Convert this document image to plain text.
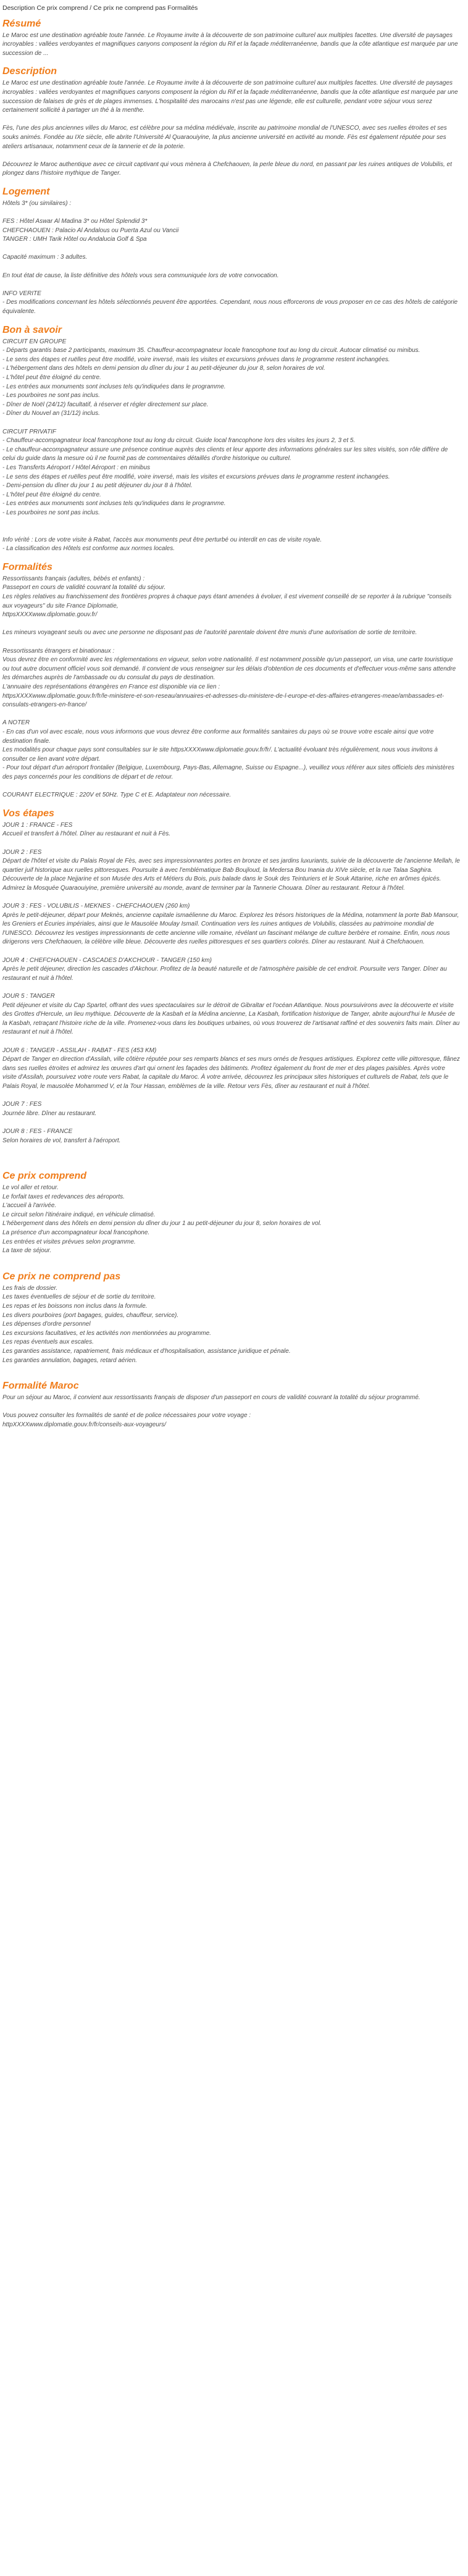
Description Ce prix comprend / Ce prix ne comprend pas Formalités

Résumé

Le Maroc est une destination agréable toute l'année. Le Royaume invite à la découverte de son patrimoine culturel aux multiples facettes. Une diversité de paysages incroyables : vallées verdoyantes et magnifiques canyons composent la région du Rif et la façade méditerranéenne, bandis que la côte atlantique est marquée par une succession de ...

Description

Le Maroc est une destination agréable toute l'année. Le Royaume invite à la découverte de son patrimoine culturel aux multiples facettes. Une diversité de paysages incroyables : vallées verdoyantes et magnifiques canyons composent la région du Rif et la façade méditerranéenne, bandis que la côte atlantique est marquée par une succession de falaises de grès et de plages immenses. L'hospitalité des marocains n'est pas une légende, elle est culturelle, pendant votre séjour vous serez certainement sollicité à partager un thé à la menthe.

Fès, l'une des plus anciennes villes du Maroc, est célèbre pour sa médina médiévale, inscrite au patrimoine mondial de l'UNESCO, avec ses ruelles étroites et ses souks animés. Fondée au IXe siècle, elle abrite l'Université Al Quaraouiyine, la plus ancienne université en activité au monde. Fès est également réputée pour ses ateliers artisanaux, notamment ceux de la tannerie et de la poterie.

Découvrez le Maroc authentique avec ce circuit captivant qui vous mènera à Chefchaouen, la perle bleue du nord, en passant par les ruines antiques de Volubilis, et plongez dans l'histoire mythique de Tanger.

Logement

Hôtels 3* (ou similaires) :

FES : Hôtel Aswar Al Madina 3* ou Hôtel Splendid 3*

CHEFCHAOUEN : Palacio Al Andalous ou Puerta Azul ou Vancii

TANGER : UMH Tarik Hôtel ou Andalucia Golf & Spa

Capacité maximum : 3 adultes.

En tout état de cause, la liste définitive des hôtels vous sera communiquée lors de votre convocation.

INFO VERITE

- Des modifications concernant les hôtels sélectionnés peuvent être apportées. Cependant, nous nous efforcerons de vous proposer en ce cas des hôtels de catégorie équivalente.

Bon à savoir

CIRCUIT EN GROUPE

- Départs garantis base 2 participants, maximum 35. Chauffeur-accompagnateur locale francophone tout au long du circuit. Autocar climatisé ou minibus.

- Le sens des étapes et ruëlles peut être modifié, voire inversé, mais les visites et excursions prévues dans le programme restent inchangées.

- L'hébergement dans des hôtels en demi pension du dîner du jour 1 au petit-déjeuner du jour 8, selon horaires de vol.

- L'hôtel peut être éloigné du centre.

- Les entrées aux monuments sont incluses tels qu'indiquées dans le programme.

- Les pourboires ne sont pas inclus.

- Dîner de Noël (24/12) facultatif, à réserver et régler directement sur place.

- Dîner du Nouvel an (31/12) inclus.

CIRCUIT PRIVATIF

- Chauffeur-accompagnateur local francophone tout au long du circuit. Guide local francophone lors des visites les jours 2, 3 et 5.

- Le chauffeur-accompagnateur assure une présence continue auprès des clients et leur apporte des informations générales sur les sites visités, son rôle diffère de celui du guide dans la mesure où il ne fournit pas de commentaires détaillés d'ordre historique ou culturel.

- Les Transferts Aéroport / Hôtel Aéroport : en minibus

- Le sens des étapes et ruëlles peut être modifié, voire inversé, mais les visites et excursions prévues dans le programme restent inchangées.

- Demi-pension du dîner du jour 1 au petit déjeuner du jour 8 à l'hôtel.

- L'hôtel peut être éloigné du centre.

- Les entrées aux monuments sont incluses tels qu'indiquées dans le programme.

- Les pourboires ne sont pas inclus.

Info vérité : Lors de votre visite à Rabat, l'accès aux monuments peut être perturbé ou interdit en cas de visite royale.

- La classification des Hôtels est conforme aux normes locales.

Formalités

Ressortissants français (adultes, bébés et enfants) :

Passeport en cours de validité couvrant la totalité du séjour.

Les règles relatives au franchissement des frontières propres à chaque pays étant amenées à évoluer, il est vivement conseillé de se reporter à la rubrique "conseils aux voyageurs" du site France Diplomatie,

httpsXXXXwww.diplomatie.gouv.fr/

Les mineurs voyageant seuls ou avec une personne ne disposant pas de l'autorité parentale doivent être munis d'une autorisation de sortie de territoire.

Ressortissants étrangers et binationaux :

Vous devrez être en conformité avec les réglementations en vigueur, selon votre nationalité. Il est notamment possible qu'un passeport, un visa, une carte touristique ou tout autre document officiel vous soit demandé. Il convient de vous renseigner sur les délais d'obtention de ces documents et d'effectuer vous-même sans attendre les démarches auprès de l'ambassade ou du consulat du pays de destination.

L'annuaire des représentations étrangères en France est disponible via ce lien :

httpsXXXXwww.diplomatie.gouv.fr/fr/le-ministere-et-son-reseau/annuaires-et-adresses-du-ministere-de-l-europe-et-des-affaires-etrangeres-meae/ambassades-et-consulats-etrangers-en-france/

A NOTER

- En cas d'un vol avec escale, nous vous informons que vous devrez être conforme aux formalités sanitaires du pays où se trouve votre escale ainsi que votre destination finale.

Les modalités pour chaque pays sont consultables sur le site httpsXXXXwww.diplomatie.gouv.fr/fr/. L'actualité évoluant très régulièrement, nous vous invitons à consulter ce lien avant votre départ.

- Pour tout départ d'un aéroport frontalier (Belgique, Luxembourg, Pays-Bas, Allemagne, Suisse ou Espagne...), veuillez vous référer aux sites officiels des ministères des pays concernés pour les conditions de départ et de retour.

COURANT ELECTRIQUE : 220V et 50Hz. Type C et E. Adaptateur non nécessaire.

Vos étapes

JOUR 1 : FRANCE - FES

Accueil et transfert à l'hôtel. Dîner au restaurant et nuit à Fès.

JOUR 2 : FES

Départ de l'hôtel et visite du Palais Royal de Fès, avec ses impressionnantes portes en bronze et ses jardins luxuriants, suivie de la découverte de l'ancienne Mellah, le quartier juif historique aux ruelles pittoresques. Poursuite à avec l'emblématique Bab Boujloud, la Medersa Bou Inania du XIVe siècle, et la rue Talaa Saghira. Découverte de la place Nejjarine et son Musée des Arts et Métiers du Bois, puis balade dans le Souk des Teinturiers et le Souk Attarine, riche en arômes épicés. Admirez la Mosquée Quaraouiyine, première université au monde, avant de terminer par la Tannerie Chouara. Dîner au restaurant. Retour à l'hôtel.

JOUR 3 : FES - VOLUBILIS - MEKNES - CHEFCHAOUEN (260 km)

Après le petit-déjeuner, départ pour Meknès, ancienne capitale ismaélienne du Maroc. Explorez les trésors historiques de la Médina, notamment la porte Bab Mansour, les Greniers et Écuries impériales, ainsi que le Mausolée Moulay Ismaïl. Continuation vers les ruines antiques de Volubilis, classées au patrimoine mondial de l'UNESCO. Découvrez les vestiges impressionnants de cette ancienne ville romaine, révélant un fascinant mélange de culture berbère et romaine. Enfin, nous nous dirigerons vers Chefchaouen, la célèbre ville bleue. Découverte des ruelles pittoresques et ses quartiers colorés. Dîner au restaurant. Nuit à Chefchaouen.

JOUR 4 : CHEFCHAOUEN - CASCADES D'AKCHOUR - TANGER (150 km)

Après le petit déjeuner, direction les cascades d'Akchour. Profitez de la beauté naturelle et de l'atmosphère paisible de cet endroit. Poursuite vers Tanger. Dîner au restaurant et nuit à l'hôtel.

JOUR 5 : TANGER

Petit déjeuner et visite du Cap Spartel, offrant des vues spectaculaires sur le détroit de Gibraltar et l'océan Atlantique. Nous poursuivirons avec la découverte et visite des Grottes d'Hercule, un lieu mythique. Découverte de la Kasbah et la Médina ancienne, La Kasbah, fortification historique de Tanger, abrite aujourd'hui le Musée de la Kasbah, retraçant l'histoire riche de la ville. Promenez-vous dans les boutiques urbaines, où vous trouverez de l'artisanat raffiné et des souvenirs faits main. Dîner au restaurant et nuit à l'hôtel.

JOUR 6 : TANGER - ASSILAH - RABAT - FES (453 KM)

Départ de Tanger en direction d'Assilah, ville côtière réputée pour ses remparts blancs et ses murs ornés de fresques artistiques. Explorez cette ville pittoresque, flânez dans ses ruelles étroites et admirez les œuvres d'art qui ornent les façades des bâtiments. Profitez également du front de mer et des plages paisibles. Après votre visite d'Assilah, poursuivez votre route vers Rabat, la capitale du Maroc. À votre arrivée, découvrez les principaux sites historiques et culturels de Rabat, tels que le Palais Royal, le mausolée Mohammed V, et la Tour Hassan, emblèmes de la ville. Retour vers Fès, dîner au restaurant et nuit à l'hôtel.

JOUR 7 : FES

Journée libre. Dîner au restaurant.

JOUR 8 : FES - FRANCE

Selon horaires de vol, transfert à l'aéroport.

Ce prix comprend

Le vol aller et retour.

Le forfait taxes et redevances des aéroports.

L'accueil à l'arrivée.

Le circuit selon l'itinéraire indiqué, en véhicule climatisé.

L'hébergement dans des hôtels en demi pension du dîner du jour 1 au petit-déjeuner du jour 8, selon horaires de vol.

La présence d'un accompagnateur local francophone.

Les entrées et visites prévues selon programme.

La taxe de séjour.

Ce prix ne comprend pas

Les frais de dossier.

Les taxes éventuelles de séjour et de sortie du territoire.

Les repas et les boissons non inclus dans la formule.

Les divers pourboires (port bagages, guides, chauffeur, service).

Les dépenses d'ordre personnel

Les excursions facultatives, et les activités non mentionnées au programme.

Les repas éventuels aux escales.

Les garanties assistance, rapatriement, frais médicaux et d'hospitalisation, assistance juridique et pénale.

Les garanties annulation, bagages, retard aérien.

Formalité Maroc

Pour un séjour au Maroc, il convient aux ressortissants français de disposer d'un passeport en cours de validité couvrant la totalité du séjour programmé.

Vous pouvez consulter les formalités de santé et de police nécessaires pour votre voyage :

httpXXXXwww.diplomatie.gouv.fr/fr/conseils-aux-voyageurs/
